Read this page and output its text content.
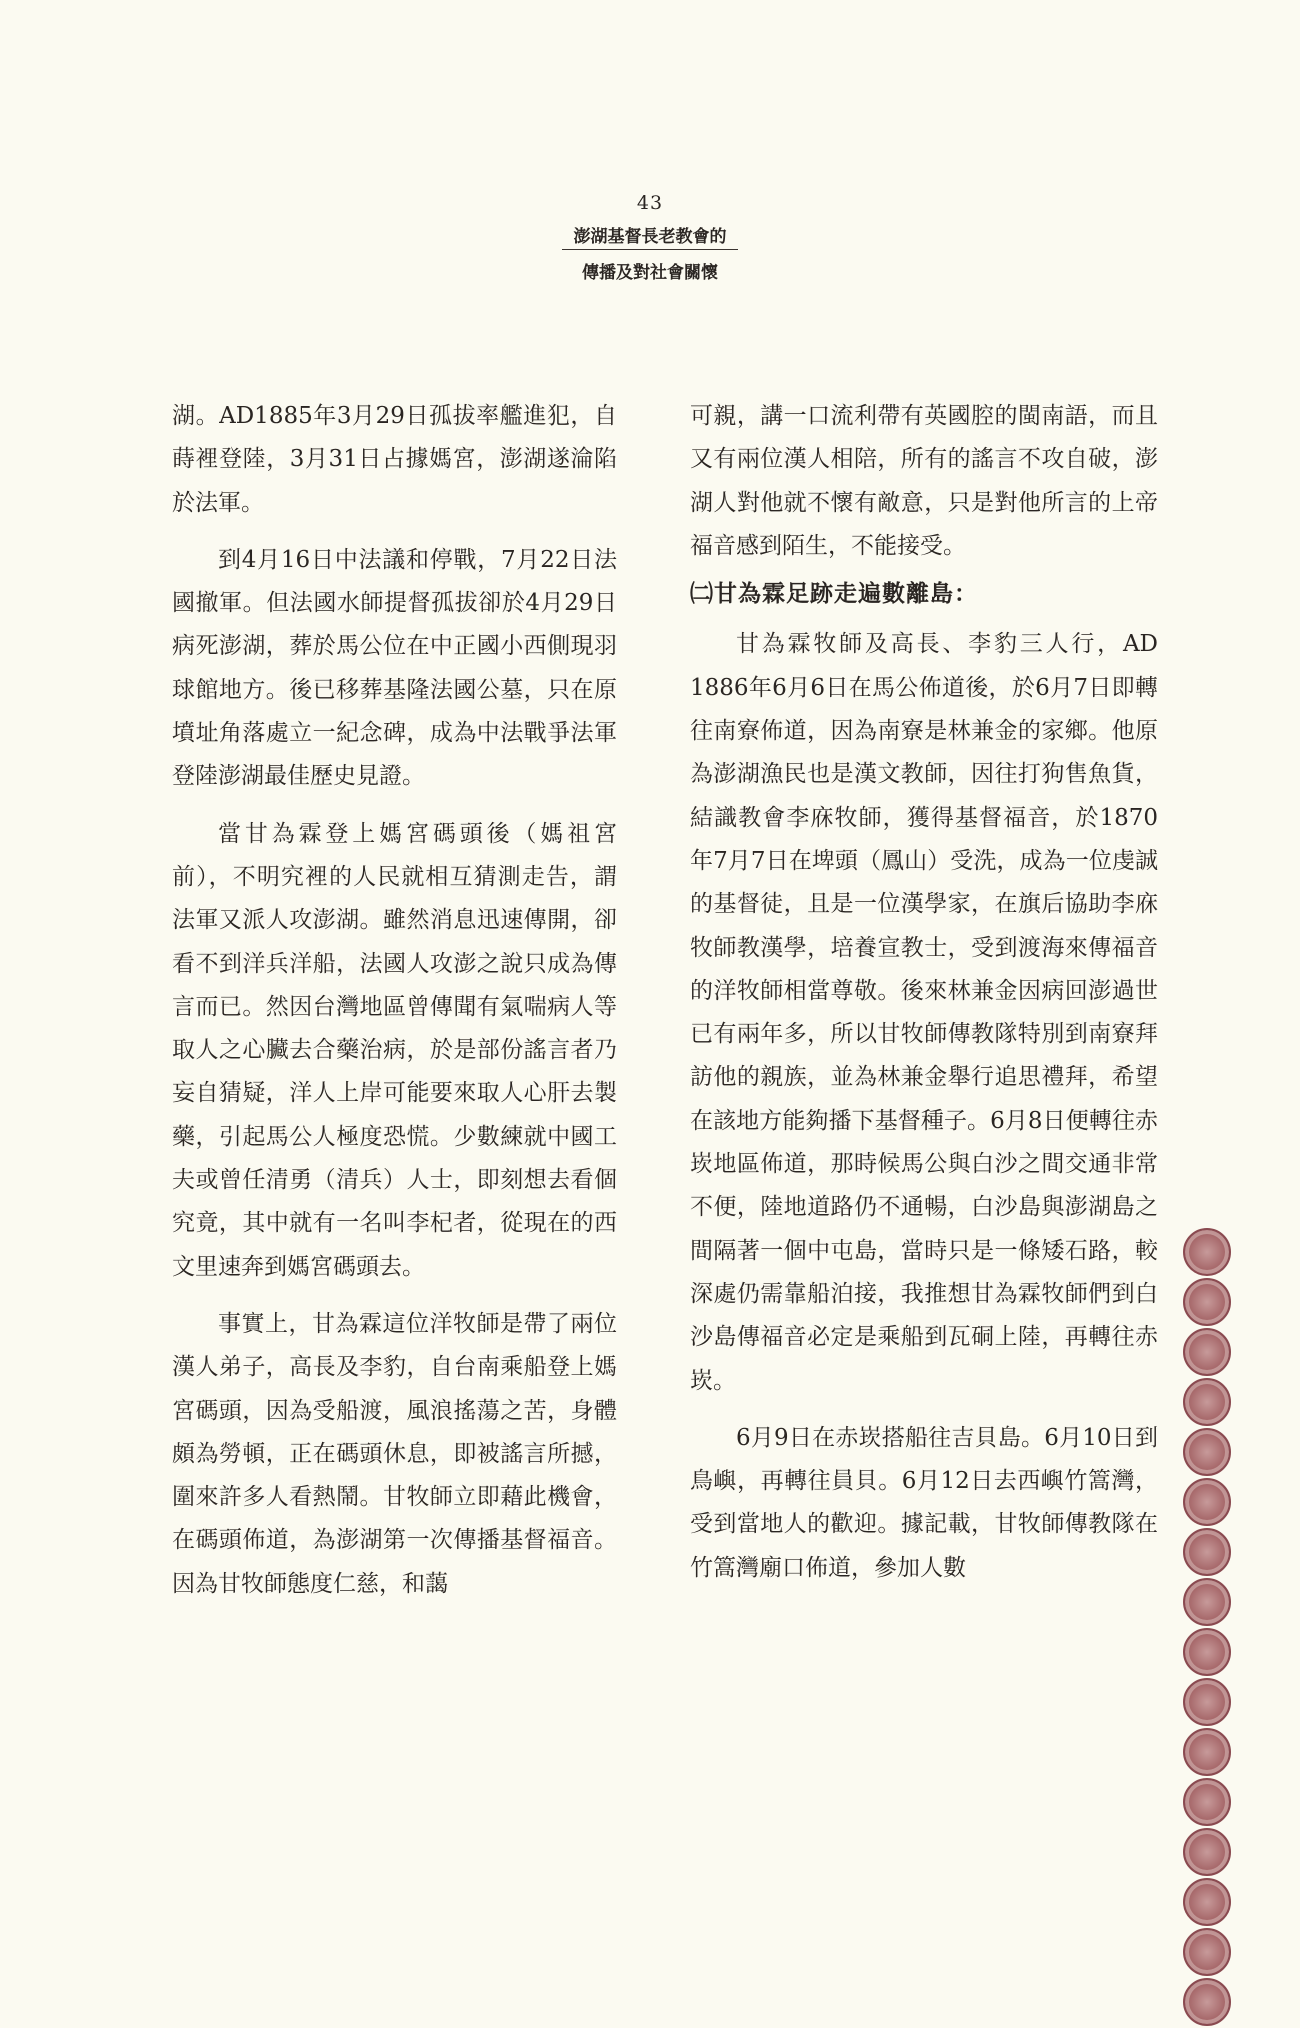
43
澎湖基督長老教會的
傳播及對社會關懷

湖。AD1885年3月29日孤拔率艦進犯，自蒔裡登陸，3月31日占據媽宮，澎湖遂淪陷於法軍。

到4月16日中法議和停戰，7月22日法國撤軍。但法國水師提督孤拔卻於4月29日病死澎湖，葬於馬公位在中正國小西側現羽球館地方。後已移葬基隆法國公墓，只在原墳址角落處立一紀念碑，成為中法戰爭法軍登陸澎湖最佳歷史見證。

當甘為霖登上媽宮碼頭後（媽祖宮前），不明究裡的人民就相互猜測走告，謂法軍又派人攻澎湖。雖然消息迅速傳開，卻看不到洋兵洋船，法國人攻澎之說只成為傳言而已。然因台灣地區曾傳聞有氣喘病人等取人之心臟去合藥治病，於是部份謠言者乃妄自猜疑，洋人上岸可能要來取人心肝去製藥，引起馬公人極度恐慌。少數練就中國工夫或曾任清勇（清兵）人士，即刻想去看個究竟，其中就有一名叫李杞者，從現在的西文里速奔到媽宮碼頭去。

事實上，甘為霖這位洋牧師是帶了兩位漢人弟子，高長及李豹，自台南乘船登上媽宮碼頭，因為受船渡，風浪搖蕩之苦，身體頗為勞頓，正在碼頭休息，即被謠言所撼，圍來許多人看熱鬧。甘牧師立即藉此機會，在碼頭佈道，為澎湖第一次傳播基督福音。因為甘牧師態度仁慈，和藹

可親，講一口流利帶有英國腔的閩南語，而且又有兩位漢人相陪，所有的謠言不攻自破，澎湖人對他就不懷有敵意，只是對他所言的上帝福音感到陌生，不能接受。

㈡甘為霖足跡走遍數離島：

甘為霖牧師及高長、李豹三人行，AD 1886年6月6日在馬公佈道後，於6月7日即轉往南寮佈道，因為南寮是林兼金的家鄉。他原為澎湖漁民也是漢文教師，因往打狗售魚貨，結識教會李庥牧師，獲得基督福音，於1870年7月7日在埤頭（鳳山）受洗，成為一位虔誠的基督徒，且是一位漢學家，在旗后協助李庥牧師教漢學，培養宣教士，受到渡海來傳福音的洋牧師相當尊敬。後來林兼金因病回澎過世已有兩年多，所以甘牧師傳教隊特別到南寮拜訪他的親族，並為林兼金舉行追思禮拜，希望在該地方能夠播下基督種子。6月8日便轉往赤崁地區佈道，那時候馬公與白沙之間交通非常不便，陸地道路仍不通暢，白沙島與澎湖島之間隔著一個中屯島，當時只是一條矮石路，較深處仍需靠船泊接，我推想甘為霖牧師們到白沙島傳福音必定是乘船到瓦硐上陸，再轉往赤崁。

6月9日在赤崁搭船往吉貝島。6月10日到鳥嶼，再轉往員貝。6月12日去西嶼竹篙灣，受到當地人的歡迎。據記載，甘牧師傳教隊在竹篙灣廟口佈道，參加人數
